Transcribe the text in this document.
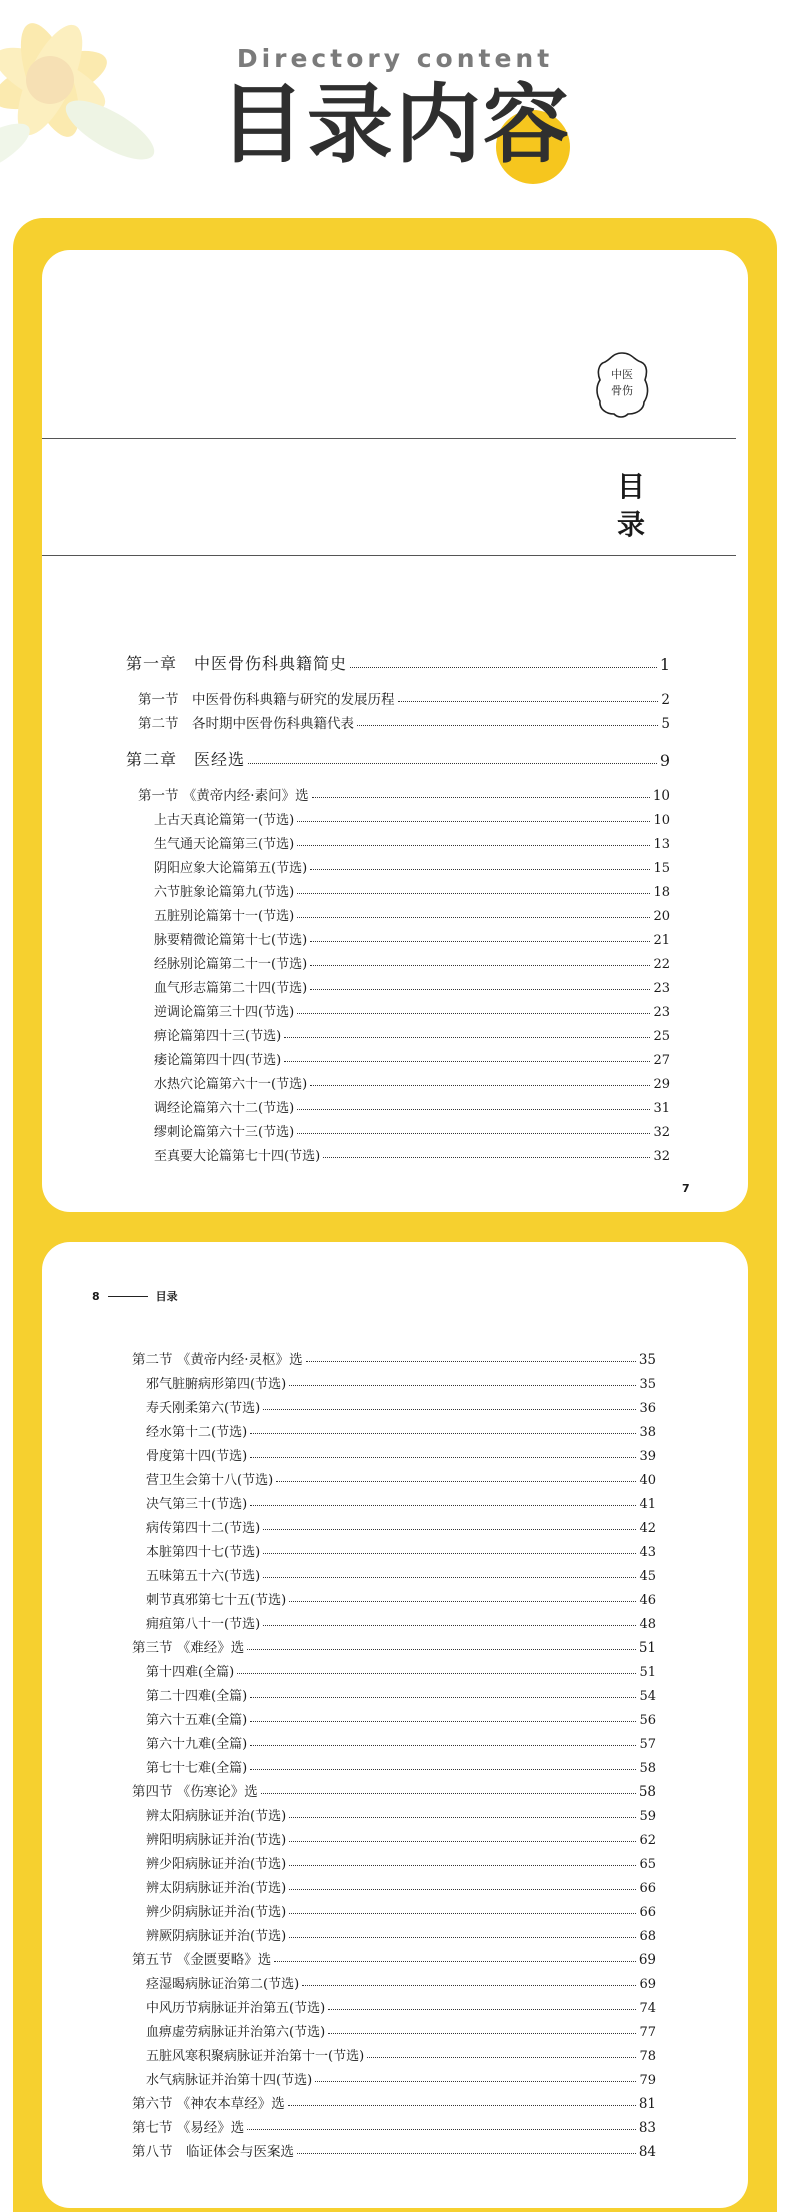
Directory content
目录内容
中医
骨伤
目录
第一章　中医骨伤科典籍简史	1
第一节　中医骨伤科典籍与研究的发展历程	2
第二节　各时期中医骨伤科典籍代表	5
第二章　医经选	9
第一节 《黄帝内经·素问》选	10
上古天真论篇第一(节选)	10
生气通天论篇第三(节选)	13
阴阳应象大论篇第五(节选)	15
六节脏象论篇第九(节选)	18
五脏别论篇第十一(节选)	20
脉要精微论篇第十七(节选)	21
经脉别论篇第二十一(节选)	22
血气形志篇第二十四(节选)	23
逆调论篇第三十四(节选)	23
痹论篇第四十三(节选)	25
痿论篇第四十四(节选)	27
水热穴论篇第六十一(节选)	29
调经论篇第六十二(节选)	31
缪刺论篇第六十三(节选)	32
至真要大论篇第七十四(节选)	32
7
8	目录
第二节 《黄帝内经·灵枢》选	35
邪气脏腑病形第四(节选)	35
寿夭刚柔第六(节选)	36
经水第十二(节选)	38
骨度第十四(节选)	39
营卫生会第十八(节选)	40
决气第三十(节选)	41
病传第四十二(节选)	42
本脏第四十七(节选)	43
五味第五十六(节选)	45
刺节真邪第七十五(节选)	46
痈疽第八十一(节选)	48
第三节 《难经》选	51
第十四难(全篇)	51
第二十四难(全篇)	54
第六十五难(全篇)	56
第六十九难(全篇)	57
第七十七难(全篇)	58
第四节 《伤寒论》选	58
辨太阳病脉证并治(节选)	59
辨阳明病脉证并治(节选)	62
辨少阳病脉证并治(节选)	65
辨太阴病脉证并治(节选)	66
辨少阴病脉证并治(节选)	66
辨厥阴病脉证并治(节选)	68
第五节 《金匮要略》选	69
痉湿暍病脉证治第二(节选)	69
中风历节病脉证并治第五(节选)	74
血痹虚劳病脉证并治第六(节选)	77
五脏风寒积聚病脉证并治第十一(节选)	78
水气病脉证并治第十四(节选)	79
第六节 《神农本草经》选	81
第七节 《易经》选	83
第八节　临证体会与医案选	84
